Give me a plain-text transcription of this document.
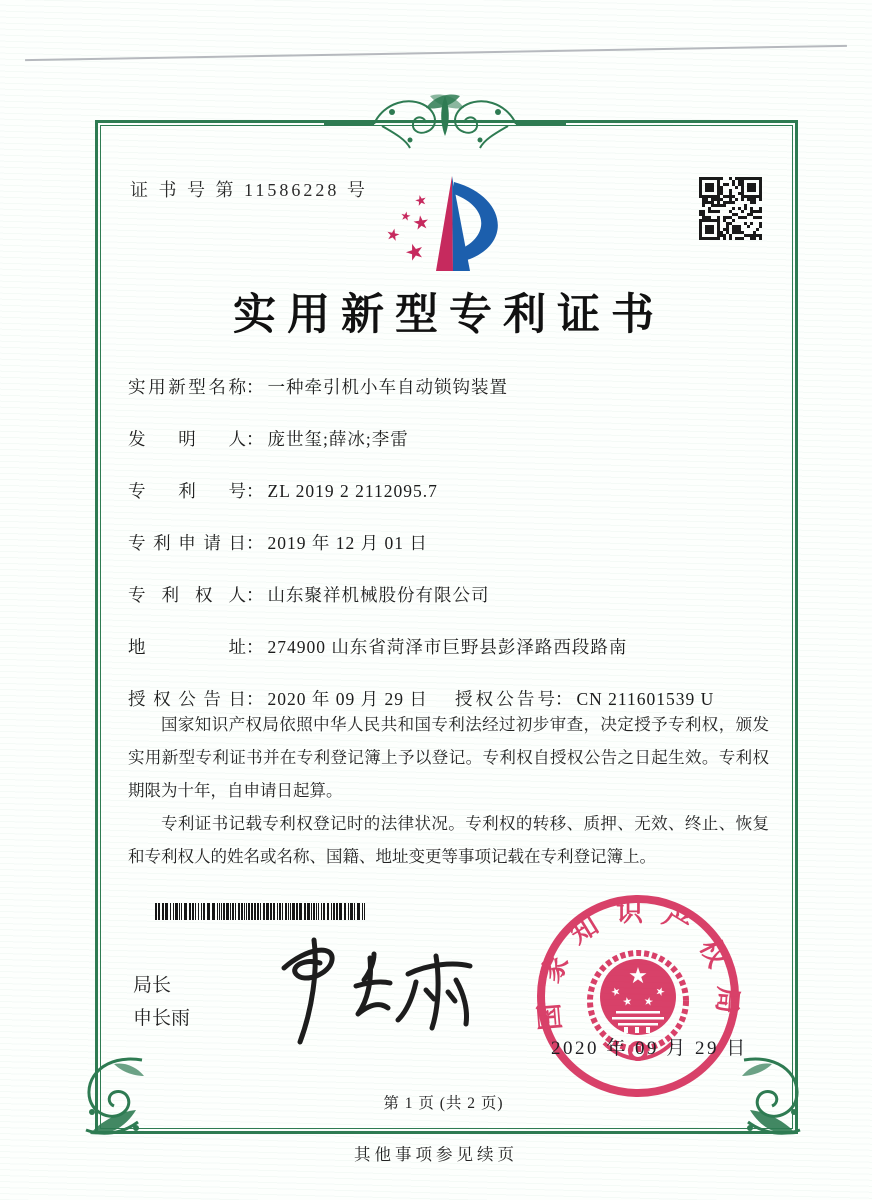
证 书 号 第 11586228 号
★
★
★
★
★
实用新型专利证书
实用新型名称 ： 一种牵引机小车自动锁钩装置
发明人 ： 庞世玺;薛冰;李雷
专利号 ： ZL 2019 2 2112095.7
专利申请日 ： 2019 年 12 月 01 日
专利权人 ： 山东聚祥机械股份有限公司
地址 ： 274900 山东省菏泽市巨野县彭泽路西段路南
授权公告日 ： 2020 年 09 月 29 日 授权公告号 ： CN 211601539 U

国家知识产权局依照中华人民共和国专利法经过初步审查，决定授予专利权，颁发实用新型专利证书并在专利登记簿上予以登记。专利权自授权公告之日起生效。专利权期限为十年，自申请日起算。

专利证书记载专利权登记时的法律状况。专利权的转移、质押、无效、终止、恢复和专利权人的姓名或名称、国籍、地址变更等事项记载在专利登记簿上。

局长
申长雨	国家知识产权局
★
★
★ ★
★
2020 年 09 月 29 日
第 1 页 (共 2 页)
其他事项参见续页
